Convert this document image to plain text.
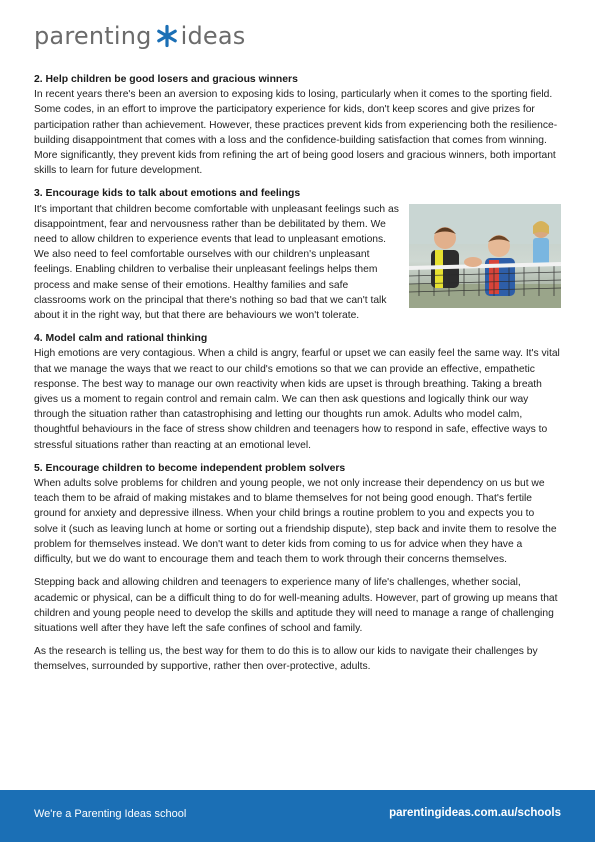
parenting ideas
2. Help children be good losers and gracious winners

In recent years there's been an aversion to exposing kids to losing, particularly when it comes to the sporting field. Some codes, in an effort to improve the participatory experience for kids, don't keep scores and give prizes for participation rather than achievement. However, these practices prevent kids from experiencing both the resilience-building disappointment that comes with a loss and the confidence-building satisfaction that comes from winning. More significantly, they prevent kids from refining the art of being good losers and gracious winners, both important skills to learn for future development.

3. Encourage kids to talk about emotions and feelings

It's important that children become comfortable with unpleasant feelings such as disappointment, fear and nervousness rather than be debilitated by them. We need to allow children to experience events that lead to unpleasant emotions. We also need to feel comfortable ourselves with our children's unpleasant feelings. Enabling children to verbalise their unpleasant feelings helps them process and make sense of their emotions. Healthy families and safe classrooms work on the principal that there's nothing so bad that we can't talk about it in the right way, but that there are behaviours we won't tolerate.

4. Model calm and rational thinking

High emotions are very contagious. When a child is angry, fearful or upset we can easily feel the same way. It's vital that we manage the ways that we react to our child's emotions so that we can provide an effective, empathetic response. The best way to manage our own reactivity when kids are upset is through breathing. Taking a breath gives us a moment to regain control and remain calm. We can then ask questions and logically think our way through the situation rather than catastrophising and letting our thoughts run amok. Adults who model calm, thoughtful behaviours in the face of stress show children and teenagers how to respond in safe, effective ways to stressful situations rather than reacting at an emotional level.

5. Encourage children to become independent problem solvers

When adults solve problems for children and young people, we not only increase their dependency on us but we teach them to be afraid of making mistakes and to blame themselves for not being good enough. That's fertile ground for anxiety and depressive illness. When your child brings a routine problem to you and expects you to solve it (such as leaving lunch at home or sorting out a friendship dispute), step back and invite them to resolve the problem for themselves instead. We don't want to deter kids from coming to us for advice when they have a difficulty, but we do want to encourage them and teach them to work through their concerns themselves.

Stepping back and allowing children and teenagers to experience many of life's challenges, whether social, academic or physical, can be a difficult thing to do for well-meaning adults. However, part of growing up means that children and young people need to develop the skills and aptitude they will need to manage a range of challenging situations well after they have left the safe confines of school and family.

As the research is telling us, the best way for them to do this is to allow our kids to navigate their challenges by themselves, surrounded by supportive, rather then over-protective, adults.

We're a Parenting Ideas school	parentingideas.com.au/schools
